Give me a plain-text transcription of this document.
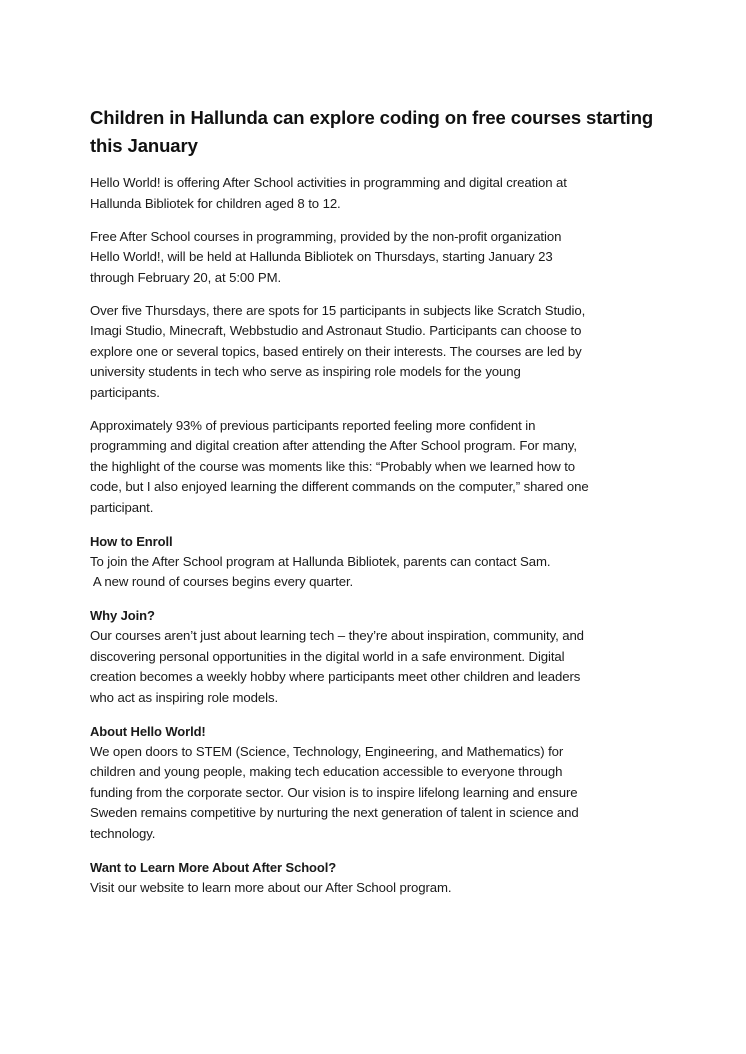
Children in Hallunda can explore coding on free courses starting
this January

Hello World! is offering After School activities in programming and digital creation at
Hallunda Bibliotek for children aged 8 to 12.

Free After School courses in programming, provided by the non-profit organization
Hello World!, will be held at Hallunda Bibliotek on Thursdays, starting January 23
through February 20, at 5:00 PM.

Over five Thursdays, there are spots for 15 participants in subjects like Scratch Studio,
Imagi Studio, Minecraft, Webbstudio and Astronaut Studio. Participants can choose to
explore one or several topics, based entirely on their interests. The courses are led by
university students in tech who serve as inspiring role models for the young
participants.

Approximately 93% of previous participants reported feeling more confident in
programming and digital creation after attending the After School program. For many,
the highlight of the course was moments like this: “Probably when we learned how to
code, but I also enjoyed learning the different commands on the computer,” shared one
participant.

How to Enroll
To join the After School program at Hallunda Bibliotek, parents can contact Sam.
A new round of courses begins every quarter.
Why Join?
Our courses aren’t just about learning tech – they’re about inspiration, community, and
discovering personal opportunities in the digital world in a safe environment. Digital
creation becomes a weekly hobby where participants meet other children and leaders
who act as inspiring role models.
About Hello World!
We open doors to STEM (Science, Technology, Engineering, and Mathematics) for
children and young people, making tech education accessible to everyone through
funding from the corporate sector. Our vision is to inspire lifelong learning and ensure
Sweden remains competitive by nurturing the next generation of talent in science and
technology.
Want to Learn More About After School?
Visit our website to learn more about our After School program.
